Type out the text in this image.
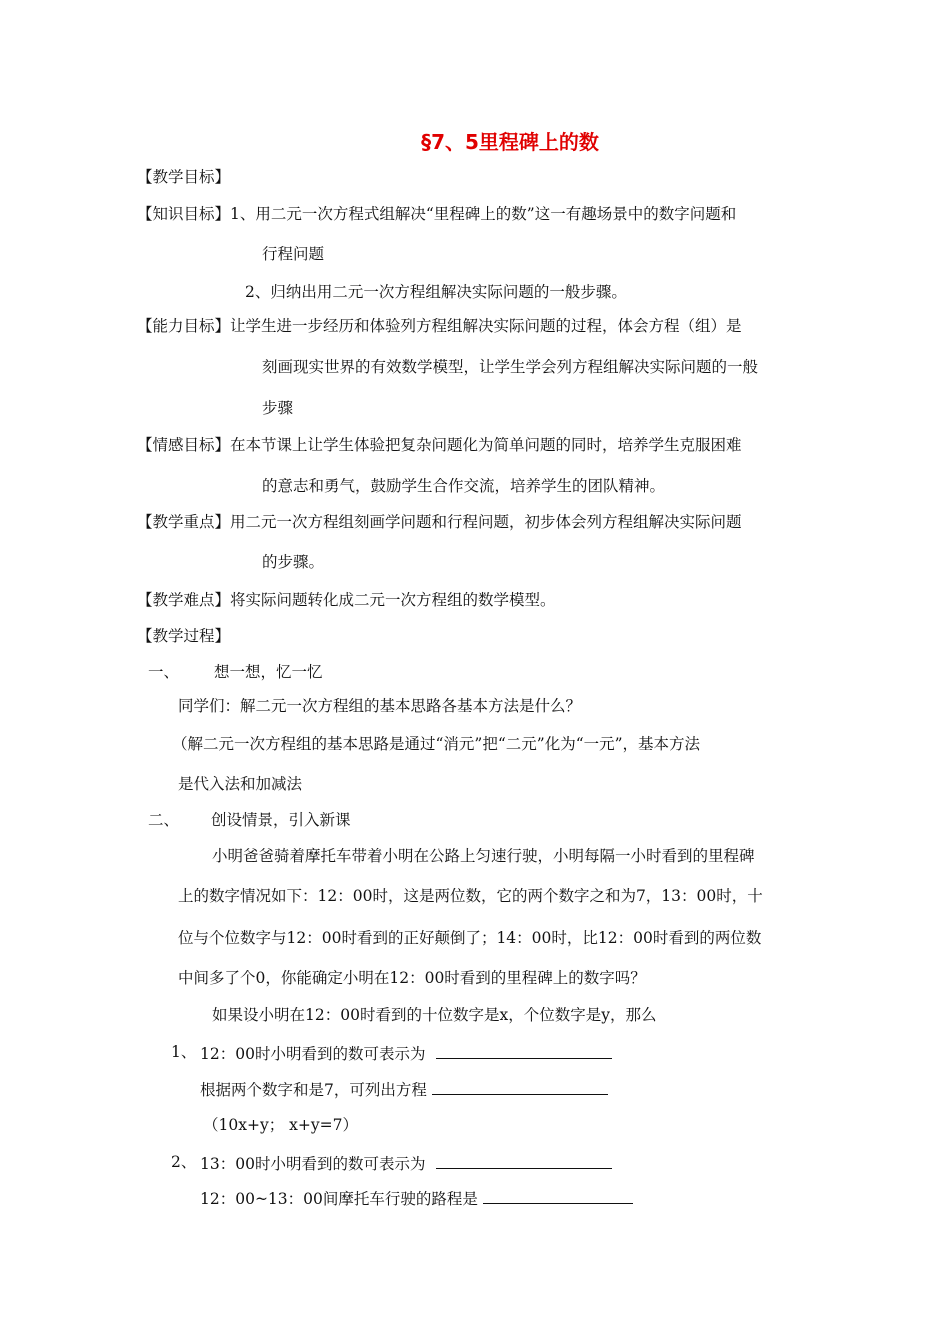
§7、5里程碑上的数
【教学目标】
【知识目标】1、用二元一次方程式组解决“里程碑上的数”这一有趣场景中的数字问题和
行程问题
2、归纳出用二元一次方程组解决实际问题的一般步骤。
【能力目标】让学生进一步经历和体验列方程组解决实际问题的过程，体会方程（组）是
刻画现实世界的有效数学模型，让学生学会列方程组解决实际问题的一般
步骤
【情感目标】在本节课上让学生体验把复杂问题化为简单问题的同时，培养学生克服困难
的意志和勇气，鼓励学生合作交流，培养学生的团队精神。
【教学重点】用二元一次方程组刻画学问题和行程问题，初步体会列方程组解决实际问题
的步骤。
【教学难点】将实际问题转化成二元一次方程组的数学模型。
【教学过程】
一、 想一想，忆一忆
同学们：解二元一次方程组的基本思路各基本方法是什么？
（解二元一次方程组的基本思路是通过“消元”把“二元”化为“一元”，基本方法
是代入法和加减法
二、 创设情景，引入新课
小明爸爸骑着摩托车带着小明在公路上匀速行驶，小明每隔一小时看到的里程碑
上的数字情况如下：12：00时，这是两位数，它的两个数字之和为7，13：00时，十
位与个位数字与12：00时看到的正好颠倒了；14：00时，比12：00时看到的两位数
中间多了个0，你能确定小明在12：00时看到的里程碑上的数字吗？
如果设小明在12：00时看到的十位数字是x，个位数字是y，那么
1、 12：00时小明看到的数可表示为
根据两个数字和是7，可列出方程
（10x+y； x+y=7）
2、 13：00时小明看到的数可表示为
12：00~13：00间摩托车行驶的路程是
